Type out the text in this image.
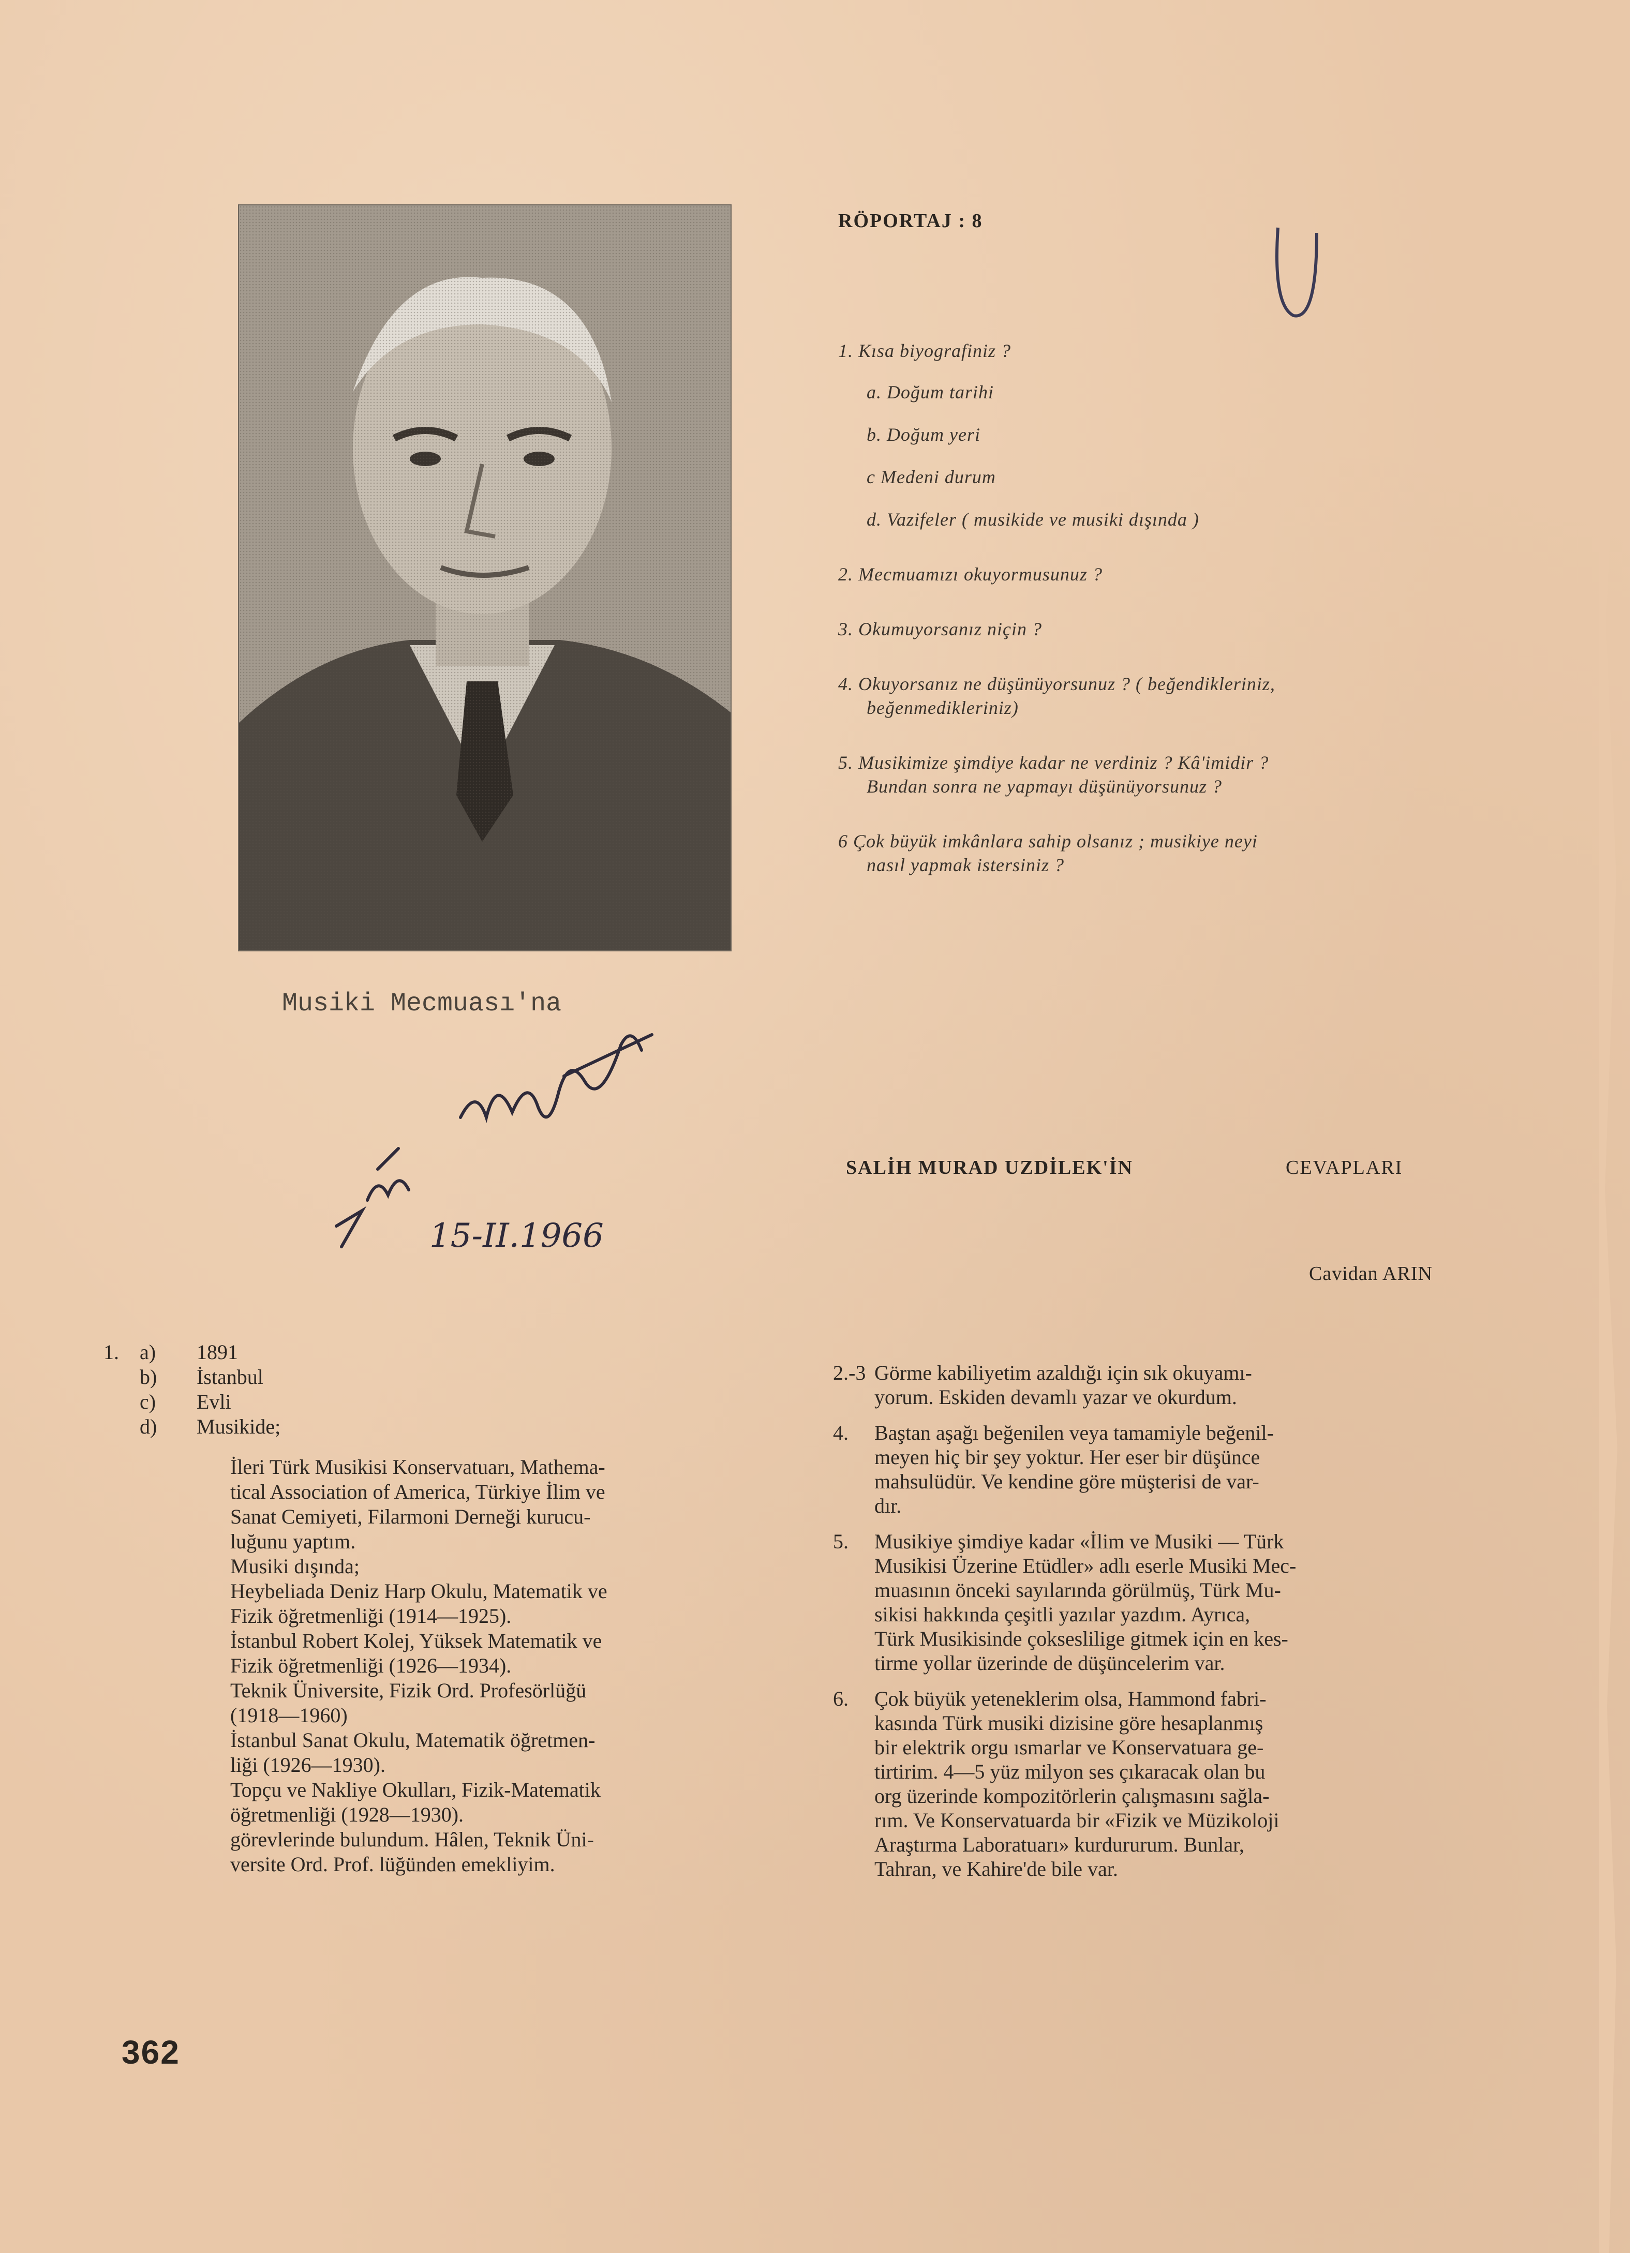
RÖPORTAJ : 8
1. Kısa biyografiniz ?
a. Doğum tarihi
b. Doğum yeri
c Medeni durum
d. Vazifeler ( musikide ve musiki dışında )
2. Mecmuamızı okuyormusunuz ?
3. Okumuyorsanız niçin ?
4. Okuyorsanız ne düşünüyorsunuz ? ( beğendikleriniz,
beğenmedikleriniz)
5. Musikimize şimdiye kadar ne verdiniz ? Kâ'imidir ?
Bundan sonra ne yapmayı düşünüyorsunuz ?
6 Çok büyük imkânlara sahip olsanız ; musikiye neyi
nasıl yapmak istersiniz ?
Musiki Mecmuası'na
15-II.1966
SALİH MURAD UZDİLEK'İN	CEVAPLARI
Cavidan ARIN
1.	a)	1891
b)	İstanbul
c)	Evli
d)	Musikide;
İleri Türk Musikisi Konservatuarı, Mathema-
tical Association of America, Türkiye İlim ve
Sanat Cemiyeti, Filarmoni Derneği kurucu-
luğunu yaptım.
Musiki dışında;
Heybeliada Deniz Harp Okulu, Matematik ve
Fizik öğretmenliği (1914—1925).
İstanbul Robert Kolej, Yüksek Matematik ve
Fizik öğretmenliği (1926—1934).
Teknik Üniversite, Fizik Ord. Profesörlüğü
(1918—1960)
İstanbul Sanat Okulu, Matematik öğretmen-
liği (1926—1930).
Topçu ve Nakliye Okulları, Fizik-Matematik
öğretmenliği (1928—1930).
görevlerinde bulundum. Hâlen, Teknik Üni-
versite Ord. Prof. lüğünden emekliyim.
2.-3 Görme kabiliyetim azaldığı için sık okuyamı-
yorum. Eskiden devamlı yazar ve okurdum.
4.	Baştan aşağı beğenilen veya tamamiyle beğenil-
meyen hiç bir şey yoktur. Her eser bir düşünce
mahsulüdür. Ve kendine göre müşterisi de var-
dır.
5.	Musikiye şimdiye kadar «İlim ve Musiki — Türk
Musikisi Üzerine Etüdler» adlı eserle Musiki Mec-
muasının önceki sayılarında görülmüş, Türk Mu-
sikisi hakkında çeşitli yazılar yazdım. Ayrıca,
Türk Musikisinde çokseslilige gitmek için en kes-
tirme yollar üzerinde de düşüncelerim var.
6.	Çok büyük yeteneklerim olsa, Hammond fabri-
kasında Türk musiki dizisine göre hesaplanmış
bir elektrik orgu ısmarlar ve Konservatuara ge-
tirtirim. 4—5 yüz milyon ses çıkaracak olan bu
org üzerinde kompozitörlerin çalışmasını sağla-
rım. Ve Konservatuarda bir «Fizik ve Müzikoloji
Araştırma Laboratuarı» kurdururum. Bunlar,
Tahran, ve Kahire'de bile var.
362
